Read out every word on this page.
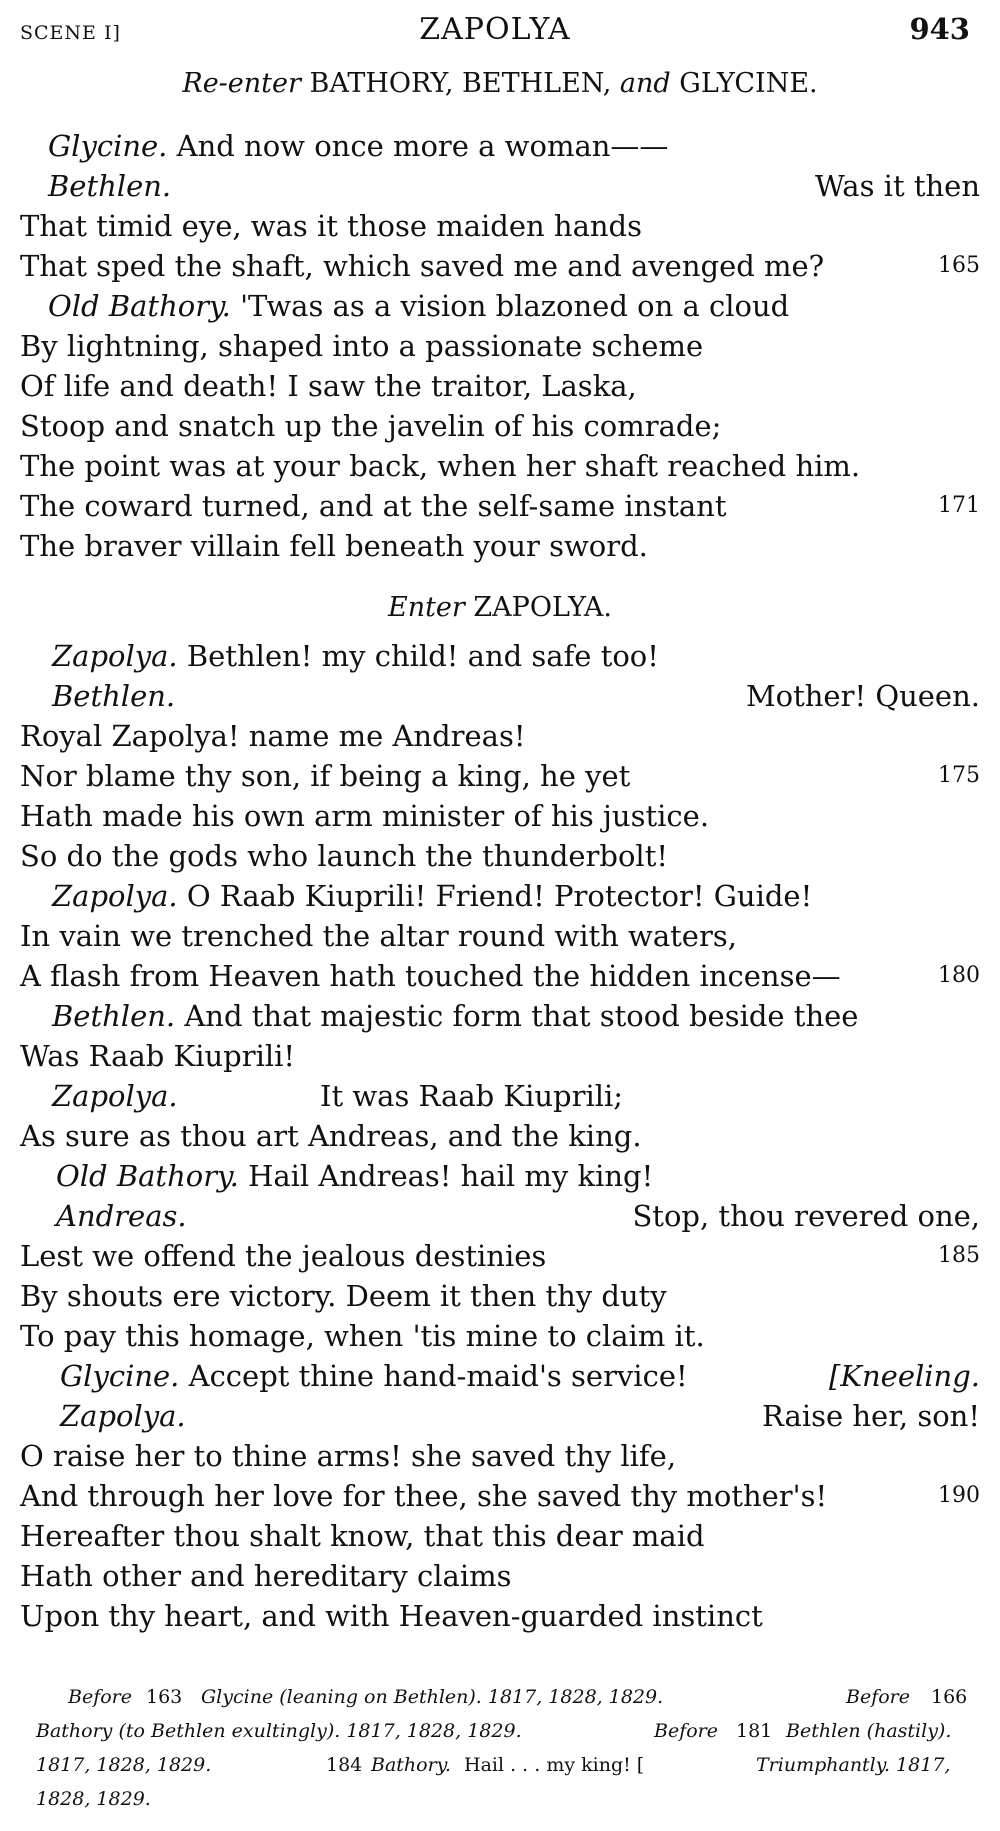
SCENE I]	ZAPOLYA	943
Re-enter BATHORY, BETHLEN, and GLYCINE.
Glycine. And now once more a woman——
Bethlen.	Was it then
That timid eye, was it those maiden hands
That sped the shaft, which saved me and avenged me?	165
Old Bathory. 'Twas as a vision blazoned on a cloud
By lightning, shaped into a passionate scheme
Of life and death! I saw the traitor, Laska,
Stoop and snatch up the javelin of his comrade;
The point was at your back, when her shaft reached him.
The coward turned, and at the self-same instant	171
The braver villain fell beneath your sword.
Enter ZAPOLYA.
Zapolya. Bethlen! my child! and safe too!
Bethlen.	Mother! Queen.
Royal Zapolya! name me Andreas!
Nor blame thy son, if being a king, he yet	175
Hath made his own arm minister of his justice.
So do the gods who launch the thunderbolt!
Zapolya. O Raab Kiuprili! Friend! Protector! Guide!
In vain we trenched the altar round with waters,
A flash from Heaven hath touched the hidden incense—	180
Bethlen. And that majestic form that stood beside thee
Was Raab Kiuprili!
Zapolya.	It was Raab Kiuprili;
As sure as thou art Andreas, and the king.
Old Bathory. Hail Andreas! hail my king!
Andreas.	Stop, thou revered one,
Lest we offend the jealous destinies	185
By shouts ere victory. Deem it then thy duty
To pay this homage, when 'tis mine to claim it.
Glycine. Accept thine hand-maid's service!	[Kneeling.
Zapolya.	Raise her, son!
O raise her to thine arms! she saved thy life,
And through her love for thee, she saved thy mother's!	190
Hereafter thou shalt know, that this dear maid
Hath other and hereditary claims
Upon thy heart, and with Heaven-guarded instinct
Before 163 Glycine (leaning on Bethlen). 1817, 1828, 1829.	Before 166
Bathory (to Bethlen exultingly). 1817, 1828, 1829.	Before 181 Bethlen (hastily).
1817, 1828, 1829.	184 Bathory. Hail . . . my king! [	Triumphantly. 1817,
1828, 1829.
